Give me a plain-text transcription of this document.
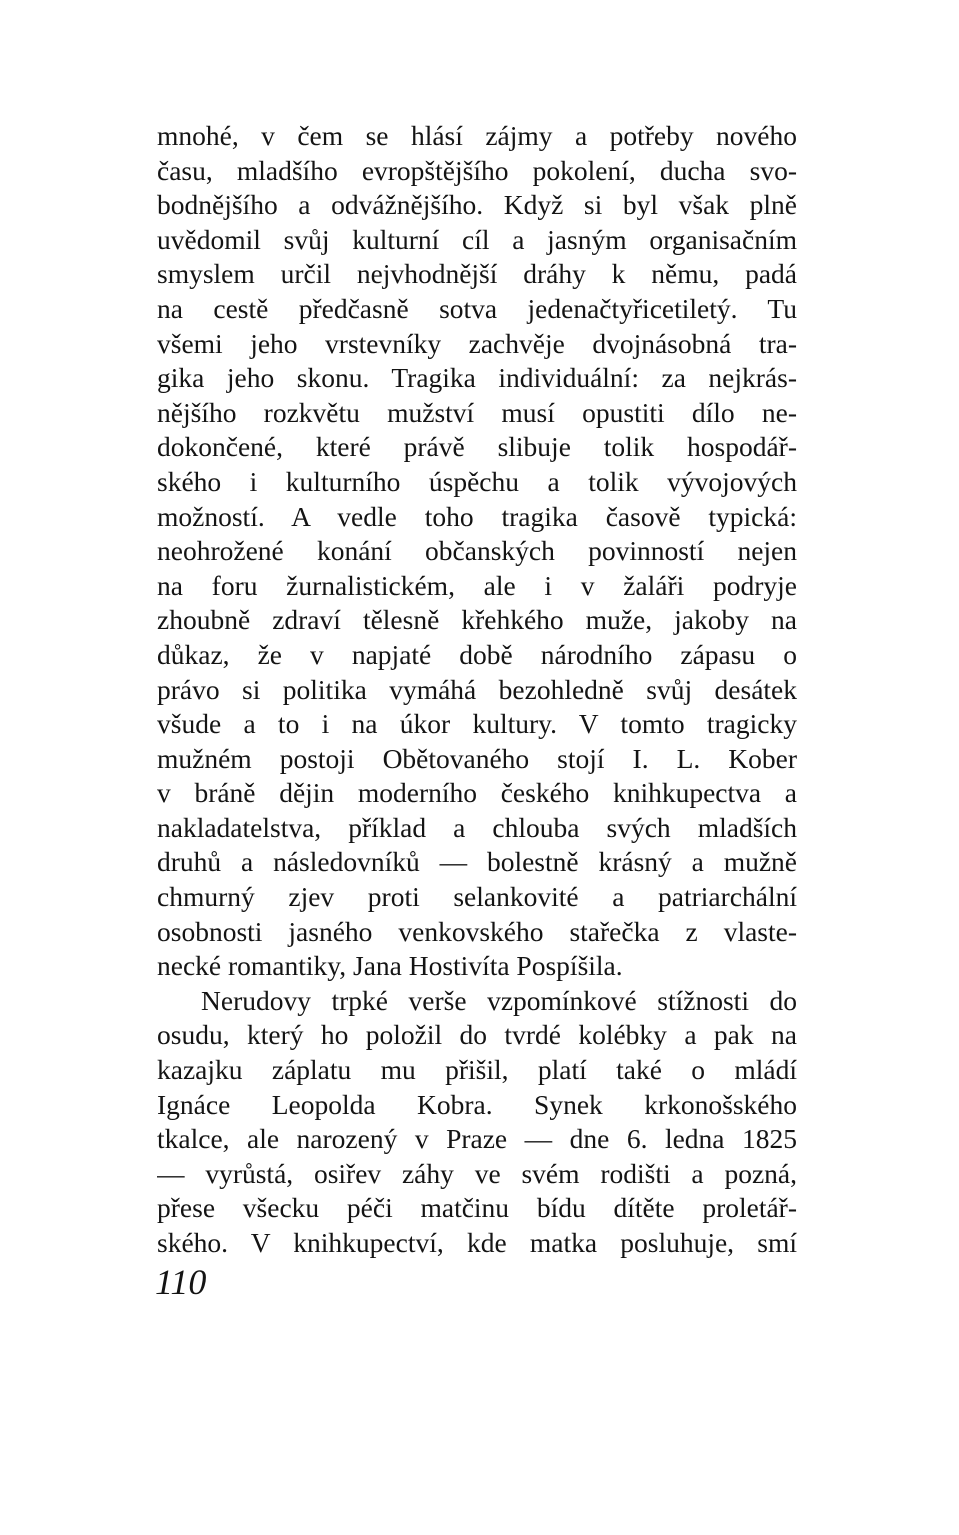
mnohé, v čem se hlásí zájmy a potřeby nového
času, mladšího evropštějšího pokolení, ducha svo-
bodnějšího a odvážnějšího. Když si byl však plně
uvědomil svůj kulturní cíl a jasným organisačním
smyslem určil nejvhodnější dráhy k němu, padá
na cestě předčasně sotva jedenačtyřicetiletý. Tu
všemi jeho vrstevníky zachvěje dvojnásobná tra-
gika jeho skonu. Tragika individuální: za nejkrás-
nějšího rozkvětu mužství musí opustiti dílo ne-
dokončené, které právě slibuje tolik hospodář-
ského i kulturního úspěchu a tolik vývojových
možností. A vedle toho tragika časově typická:
neohrožené konání občanských povinností nejen
na foru žurnalistickém, ale i v žaláři podryje
zhoubně zdraví tělesně křehkého muže, jakoby na
důkaz, že v napjaté době národního zápasu o
právo si politika vymáhá bezohledně svůj desátek
všude a to i na úkor kultury. V tomto tragicky
mužném postoji Obětovaného stojí I. L. Kober
v bráně dějin moderního českého knihkupectva a
nakladatelstva, příklad a chlouba svých mladších
druhů a následovníků — bolestně krásný a mužně
chmurný zjev proti selankovité a patriarchální
osobnosti jasného venkovského stařečka z vlaste-
necké romantiky, Jana Hostivíta Pospíšila.
Nerudovy trpké verše vzpomínkové stížnosti do
osudu, který ho položil do tvrdé kolébky a pak na
kazajku záplatu mu přišil, platí také o mládí
Ignáce Leopolda Kobra. Synek krkonošského
tkalce, ale narozený v Praze — dne 6. ledna 1825
— vyrůstá, osiřev záhy ve svém rodišti a pozná,
přese všecku péči matčinu bídu dítěte proletář-
ského. V knihkupectví, kde matka posluhuje, smí
110
